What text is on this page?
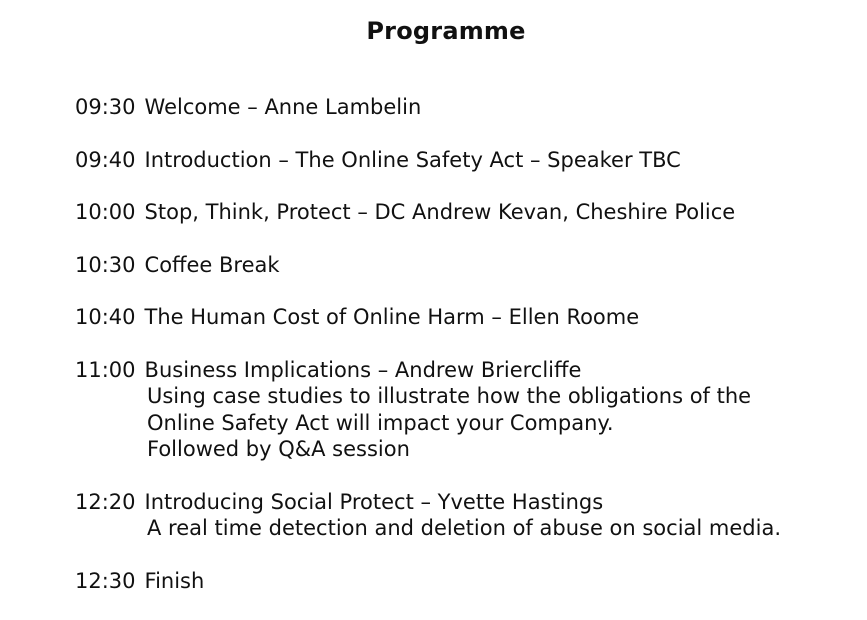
Programme
09:30 Welcome – Anne Lambelin
09:40 Introduction – The Online Safety Act – Speaker TBC
10:00 Stop, Think, Protect – DC Andrew Kevan, Cheshire Police
10:30 Coffee Break
10:40 The Human Cost of Online Harm – Ellen Roome
11:00 Business Implications – Andrew Briercliffe
Using case studies to illustrate how the obligations of the
Online Safety Act will impact your Company.
Followed by Q&A session
12:20 Introducing Social Protect – Yvette Hastings
A real time detection and deletion of abuse on social media.
12:30 Finish
